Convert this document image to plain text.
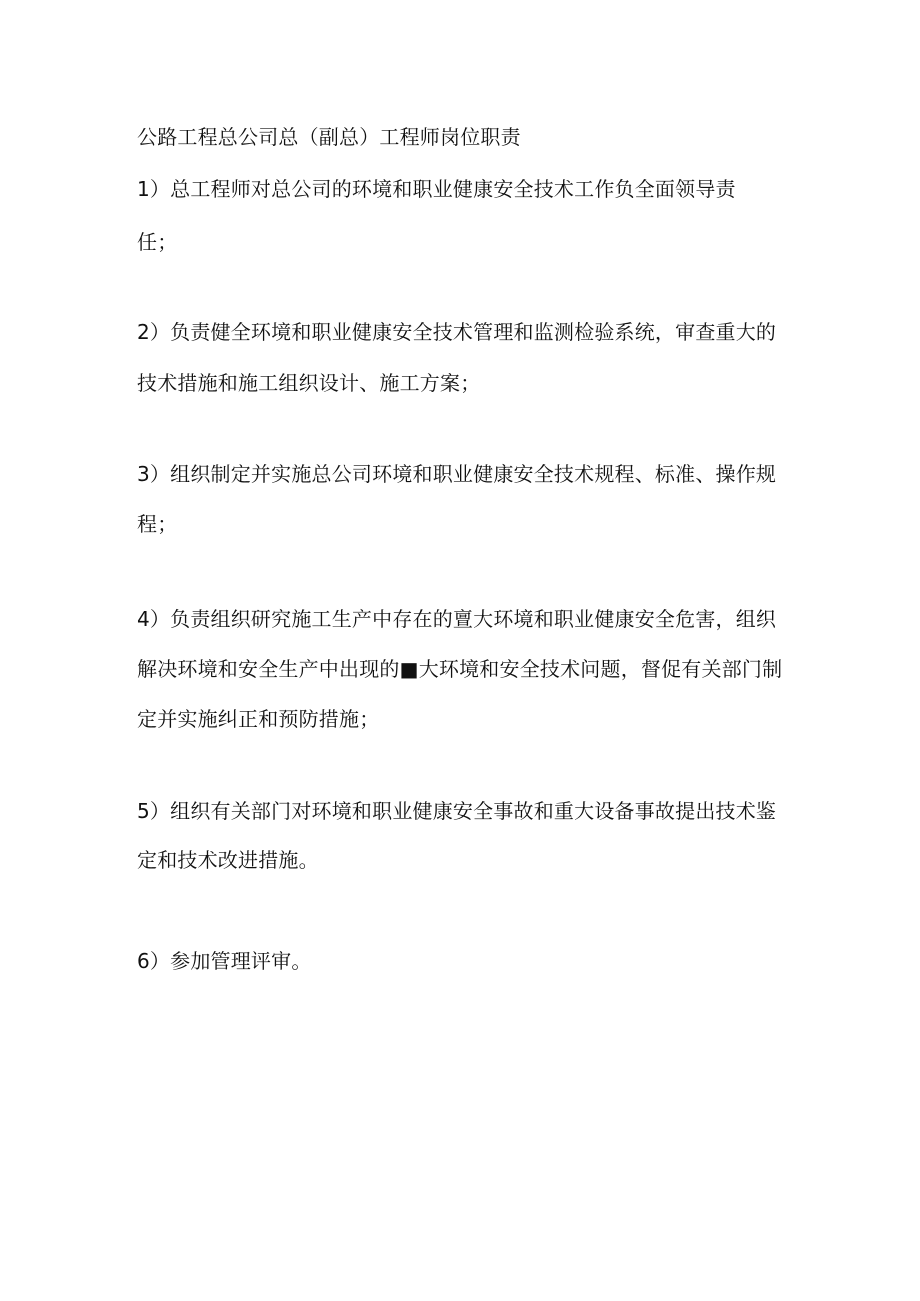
公路工程总公司总（副总）工程师岗位职责
1）总工程师对总公司的环境和职业健康安全技术工作负全面领导责
任；
2）负责健全环境和职业健康安全技术管理和监测检验系统，审查重大的
技术措施和施工组织设计、施工方案；
3）组织制定并实施总公司环境和职业健康安全技术规程、标准、操作规
程；
4）负责组织研究施工生产中存在的亶大环境和职业健康安全危害，组织
解决环境和安全生产中出现的■大环境和安全技术问题，督促有关部门制
定并实施纠正和预防措施；
5）组织有关部门对环境和职业健康安全事故和重大设备事故提出技术鉴
定和技术改进措施。
6）参加管理评审。
